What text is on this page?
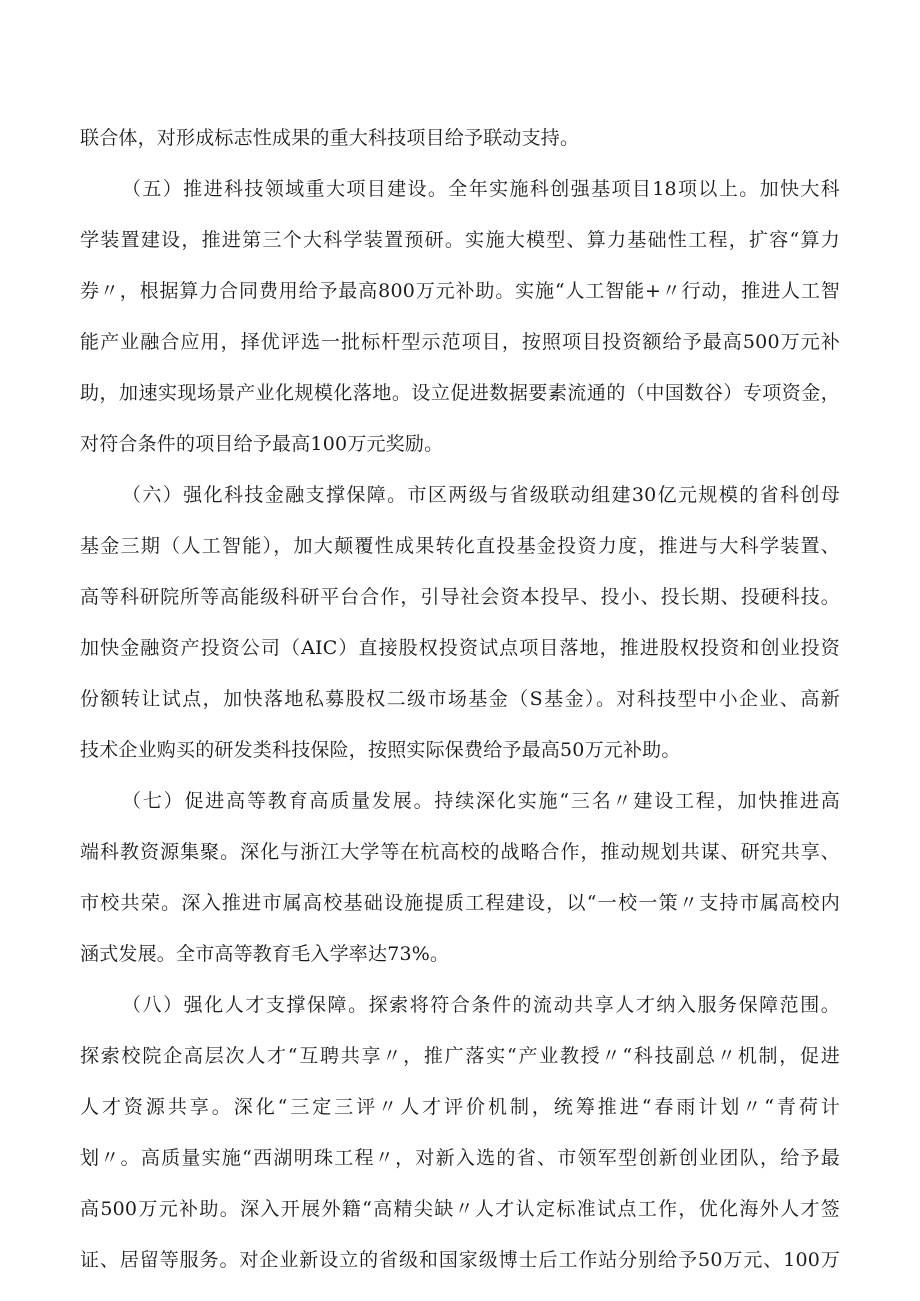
联合体，对形成标志性成果的重大科技项目给予联动支持。
（五）推进科技领域重大项目建设。全年实施科创强基项目18项以上。加快大科
学装置建设，推进第三个大科学装置预研。实施大模型、算力基础性工程，扩容“算力
券〃，根据算力合同费用给予最高800万元补助。实施“人工智能+〃行动，推进人工智
能产业融合应用，择优评选一批标杆型示范项目，按照项目投资额给予最高500万元补
助，加速实现场景产业化规模化落地。设立促进数据要素流通的（中国数谷）专项资金，
对符合条件的项目给予最高100万元奖励。
（六）强化科技金融支撑保障。市区两级与省级联动组建30亿元规模的省科创母
基金三期（人工智能），加大颠覆性成果转化直投基金投资力度，推进与大科学装置、
高等科研院所等高能级科研平台合作，引导社会资本投早、投小、投长期、投硬科技。
加快金融资产投资公司（AIC）直接股权投资试点项目落地，推进股权投资和创业投资
份额转让试点，加快落地私募股权二级市场基金（S基金）。对科技型中小企业、高新
技术企业购买的研发类科技保险，按照实际保费给予最高50万元补助。
（七）促进高等教育高质量发展。持续深化实施“三名〃建设工程，加快推进高
端科教资源集聚。深化与浙江大学等在杭高校的战略合作，推动规划共谋、研究共享、
市校共荣。深入推进市属高校基础设施提质工程建设，以“一校一策〃支持市属高校内
涵式发展。全市高等教育毛入学率达73%。
（八）强化人才支撑保障。探索将符合条件的流动共享人才纳入服务保障范围。
探索校院企高层次人才“互聘共享〃，推广落实“产业教授〃“科技副总〃机制，促进
人才资源共享。深化“三定三评〃人才评价机制，统筹推进“春雨计划〃“青荷计
划〃。高质量实施“西湖明珠工程〃，对新入选的省、市领军型创新创业团队，给予最
高500万元补助。深入开展外籍“高精尖缺〃人才认定标准试点工作，优化海外人才签
证、居留等服务。对企业新设立的省级和国家级博士后工作站分别给予50万元、100万
